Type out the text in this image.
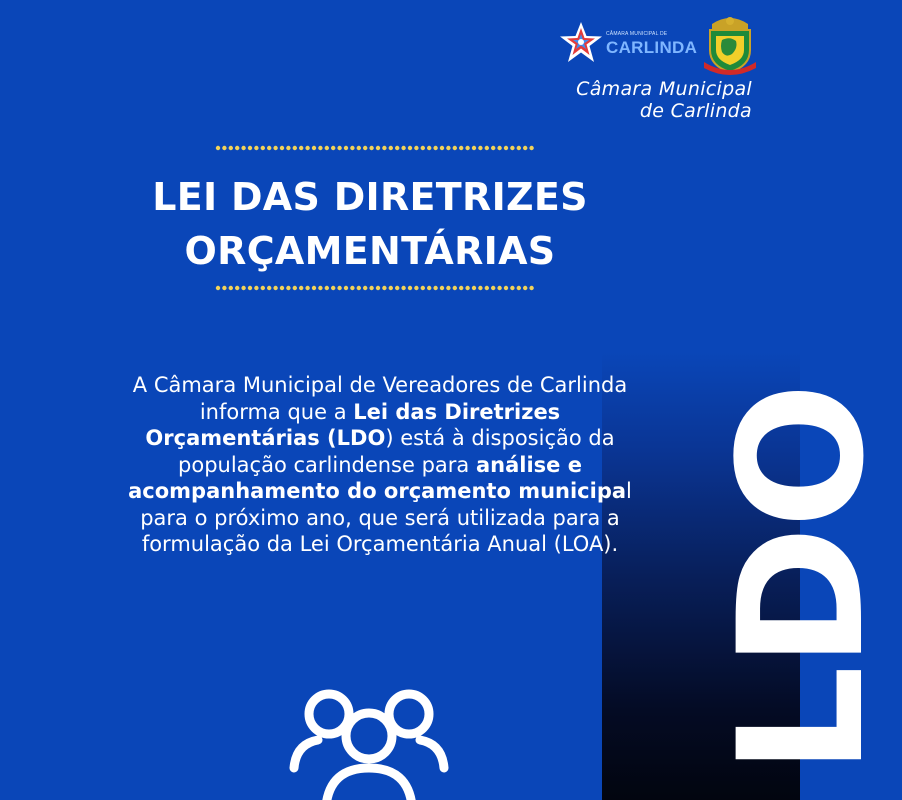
CÂMARA MUNICIPAL DE
CARLINDA
Câmara Municipal
de Carlinda
LEI DAS DIRETRIZES
ORÇAMENTÁRIAS
A Câmara Municipal de Vereadores de Carlinda informa que a Lei das Diretrizes Orçamentárias (LDO) está à disposição da população carlindense para análise e acompanhamento do orçamento municipal para o próximo ano, que será utilizada para a formulação da Lei Orçamentária Anual (LOA). LDO
